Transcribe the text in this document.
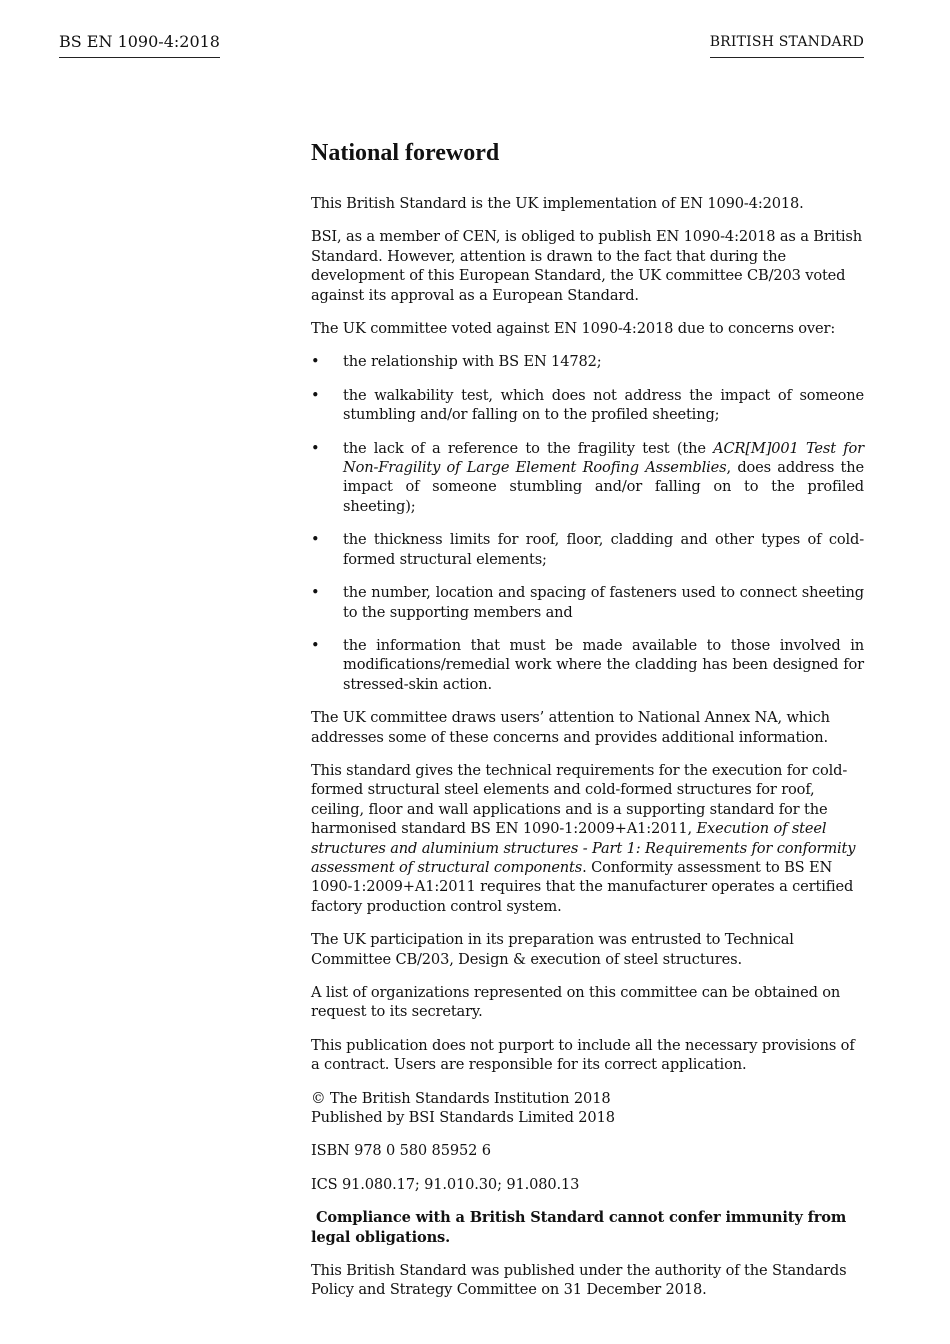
BS EN 1090-4:2018	BRITISH STANDARD
National foreword

This British Standard is the UK implementation of EN 1090-4:2018.

BSI, as a member of CEN, is obliged to publish EN 1090-4:2018 as a British Standard. However, attention is drawn to the fact that during the development of this European Standard, the UK committee CB/203 voted against its approval as a European Standard.

The UK committee voted against EN 1090-4:2018 due to concerns over:

• the relationship with BS EN 14782;
• the walkability test, which does not address the impact of someone stumbling and/or falling on to the profiled sheeting;
• the lack of a reference to the fragility test (the ACR[M]001 Test for Non-Fragility of Large Element Roofing Assemblies, does address the impact of someone stumbling and/or falling on to the profiled sheeting);
• the thickness limits for roof, floor, cladding and other types of cold-formed structural elements;
• the number, location and spacing of fasteners used to connect sheeting to the supporting members and
• the information that must be made available to those involved in modifications/remedial work where the cladding has been designed for stressed-skin action.

The UK committee draws users’ attention to National Annex NA, which addresses some of these concerns and provides additional information.

This standard gives the technical requirements for the execution for cold-formed structural steel elements and cold-formed structures for roof, ceiling, floor and wall applications and is a supporting standard for the harmonised standard BS EN 1090-1:2009+A1:2011, Execution of steel structures and aluminium structures - Part 1: Requirements for conformity assessment of structural components. Conformity assessment to BS EN 1090-1:2009+A1:2011 requires that the manufacturer operates a certified factory production control system.

The UK participation in its preparation was entrusted to Technical Committee CB/203, Design & execution of steel structures.

A list of organizations represented on this committee can be obtained on request to its secretary.

This publication does not purport to include all the necessary provisions of a contract. Users are responsible for its correct application.

© The British Standards Institution 2018
Published by BSI Standards Limited 2018

ISBN 978 0 580 85952 6

ICS 91.080.17; 91.010.30; 91.080.13

Compliance with a British Standard cannot confer immunity from legal obligations.

This British Standard was published under the authority of the Standards Policy and Strategy Committee on 31 December 2018.
